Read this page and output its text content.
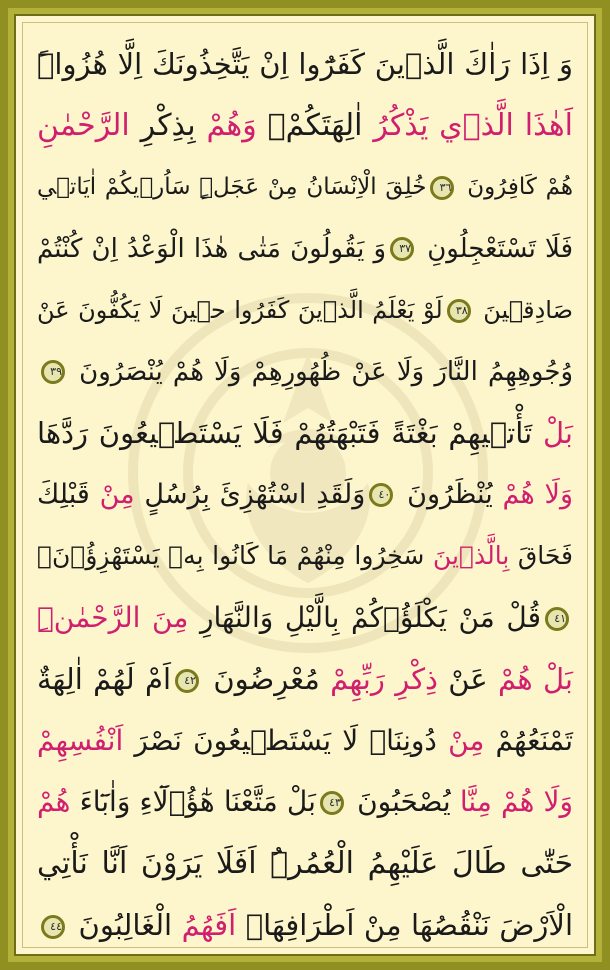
وَ اِذَا رَاٰكَ الَّذ۪ينَ كَفَرُٓوا اِنْ يَتَّخِذُونَكَ اِلَّا هُزُواًۜ
اَهٰذَا الَّذ۪ي يَذْكُرُ اٰلِهَتَكُمْۚ وَهُمْ بِذِكْرِ الرَّحْمٰنِ
هُمْ كَافِرُونَ ٣٦خُلِقَ الْاِنْسَانُ مِنْ عَجَلٍۜ سَاُر۪يكُمْ اٰيَات۪ي
فَلَا تَسْتَعْجِلُونِ ٣٧وَ يَقُولُونَ مَتٰى هٰذَا الْوَعْدُ اِنْ كُنْتُمْ
صَادِق۪ينَ ٣٨لَوْ يَعْلَمُ الَّذ۪ينَ كَفَرُوا ح۪ينَ لَا يَكُفُّونَ عَنْ
وُجُوهِهِمُ النَّارَ وَلَا عَنْ ظُهُورِهِمْ وَلَا هُمْ يُنْصَرُونَ ٣٩
بَلْ تَأْت۪يهِمْ بَغْتَةً فَتَبْهَتُهُمْ فَلَا يَسْتَط۪يعُونَ رَدَّهَا
وَلَا هُمْ يُنْظَرُونَ ٤٠وَلَقَدِ اسْتُهْزِئَ بِرُسُلٍ مِنْ قَبْلِكَ
فَحَاقَ بِالَّذ۪ينَ سَخِرُوا مِنْهُمْ مَا كَانُوا بِه۪ يَسْتَهْزِؤُ۫نَࣖ
٤١قُلْ مَنْ يَكْلَؤُ۬كُمْ بِالَّيْلِ وَالنَّهَارِ مِنَ الرَّحْمٰنِۜ
بَلْ هُمْ عَنْ ذِكْرِ رَبِّهِمْ مُعْرِضُونَ ٤٢اَمْ لَهُمْ اٰلِهَةٌ
تَمْنَعُهُمْ مِنْ دُونِنَاۜ لَا يَسْتَط۪يعُونَ نَصْرَ اَنْفُسِهِمْ
وَلَا هُمْ مِنَّا يُصْحَبُونَ ٤٣بَلْ مَتَّعْنَا هٰٓؤُ۬لَٓاءِ وَاٰبَٓاءَ هُمْ
حَتّٰى طَالَ عَلَيْهِمُ الْعُمُرُۜ اَفَلَا يَرَوْنَ اَنَّا نَأْتِي
الْاَرْضَ نَنْقُصُهَا مِنْ اَطْرَافِهَاۜ اَفَهُمُ الْغَالِبُونَ ٤٤
